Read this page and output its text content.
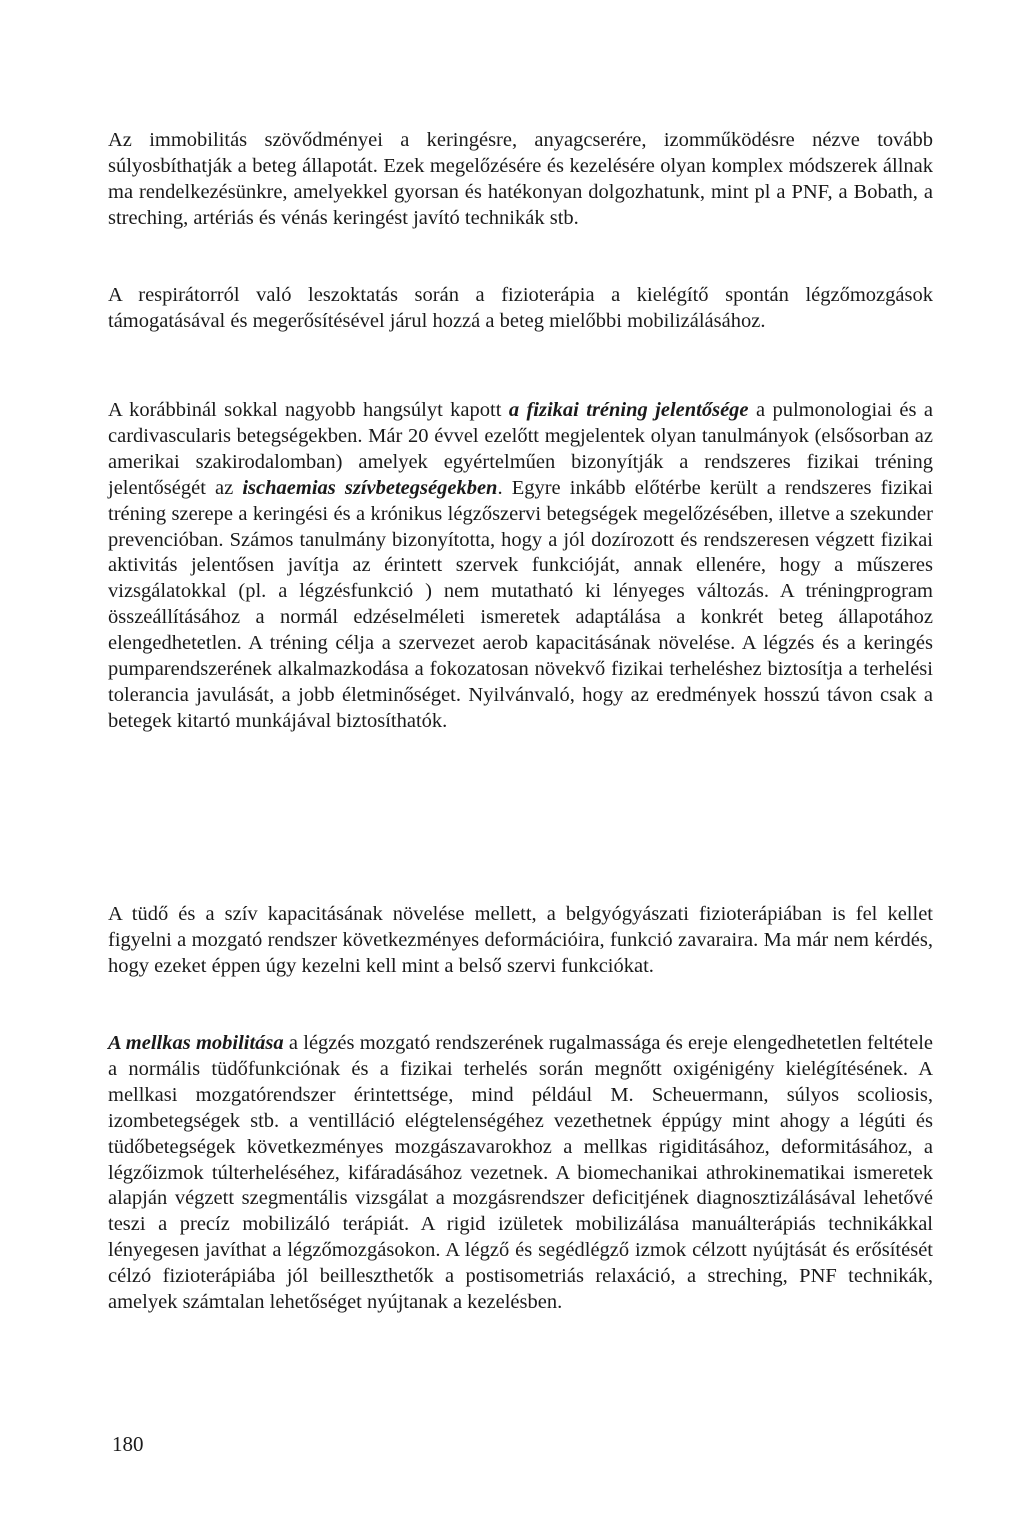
Az immobilitás szövődményei a keringésre, anyagcserére, izomműködésre nézve tovább súlyosbíthatják a beteg állapotát. Ezek megelőzésére és kezelésére olyan komplex módszerek állnak ma rendelkezésünkre, amelyekkel gyorsan és hatékonyan dolgozhatunk, mint pl a PNF, a Bobath, a streching, artériás és vénás keringést javító technikák stb.

A respirátorról való leszoktatás során a fizioterápia a kielégítő spontán légzőmozgások támogatásával és megerősítésével járul hozzá a beteg mielőbbi mobilizálásához.

A korábbinál sokkal nagyobb hangsúlyt kapott a fizikai tréning jelentősége a pulmonologiai és a cardivascularis betegségekben. Már 20 évvel ezelőtt megjelentek olyan tanulmányok (elsősorban az amerikai szakirodalomban) amelyek egyértelműen bizonyítják a rendszeres fizikai tréning jelentőségét az ischaemias szívbetegségekben. Egyre inkább előtérbe került a rendszeres fizikai tréning szerepe a keringési és a krónikus légzőszervi betegségek megelőzésében, illetve a szekunder prevencióban. Számos tanulmány bizonyította, hogy a jól dozírozott és rendszeresen végzett fizikai aktivitás jelentősen javítja az érintett szervek funkcióját, annak ellenére, hogy a műszeres vizsgálatokkal (pl. a légzésfunkció ) nem mutatható ki lényeges változás. A tréningprogram összeállításához a normál edzéselméleti ismeretek adaptálása a konkrét beteg állapotához elengedhetetlen. A tréning célja a szervezet aerob kapacitásának növelése. A légzés és a keringés pumparendszerének alkalmazkodása a fokozatosan növekvő fizikai terheléshez biztosítja a terhelési tolerancia javulását, a jobb életminőséget. Nyilvánvaló, hogy az eredmények hosszú távon csak a betegek kitartó munkájával biztosíthatók.

A tüdő és a szív kapacitásának növelése mellett, a belgyógyászati fizioterápiában is fel kellet figyelni a mozgató rendszer következményes deformációira, funkció zavaraira. Ma már nem kérdés, hogy ezeket éppen úgy kezelni kell mint a belső szervi funkciókat.

A mellkas mobilitása a légzés mozgató rendszerének rugalmassága és ereje elengedhetetlen feltétele a normális tüdőfunkciónak és a fizikai terhelés során megnőtt oxigénigény kielégítésének. A mellkasi mozgatórendszer érintettsége, mind például M. Scheuermann, súlyos scoliosis, izombetegségek stb. a ventilláció elégtelenségéhez vezethetnek éppúgy mint ahogy a légúti és tüdőbetegségek következményes mozgászavarokhoz a mellkas rigiditásához, deformitásához, a légzőizmok túlterheléséhez, kifáradásához vezetnek. A biomechanikai athrokinematikai ismeretek alapján végzett szegmentális vizsgálat a mozgásrendszer deficitjének diagnosztizálásával lehetővé teszi a precíz mobilizáló terápiát. A rigid izületek mobilizálása manuálterápiás technikákkal lényegesen javíthat a légzőmozgásokon. A légző és segédlégző izmok célzott nyújtását és erősítését célzó fizioterápiába jól beilleszthetők a postisometriás relaxáció, a streching, PNF technikák, amelyek számtalan lehetőséget nyújtanak a kezelésben.

180
